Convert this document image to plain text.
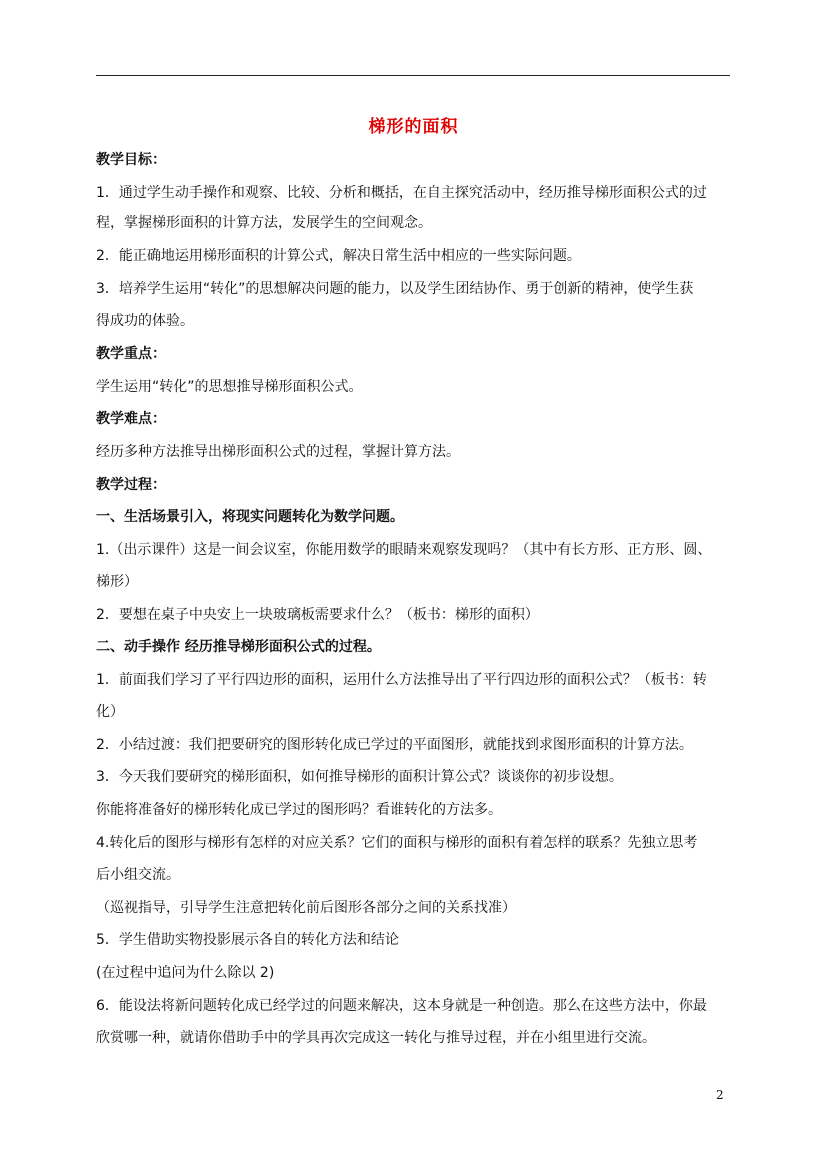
梯形的面积
教学目标：
1．通过学生动手操作和观察、比较、分析和概括，在自主探究活动中，经历推导梯形面积公式的过
程，掌握梯形面积的计算方法，发展学生的空间观念。
2．能正确地运用梯形面积的计算公式，解决日常生活中相应的一些实际问题。
3．培养学生运用“转化”的思想解决问题的能力，以及学生团结协作、勇于创新的精神，使学生获
得成功的体验。
教学重点：
学生运用“转化”的思想推导梯形面积公式。
教学难点：
经历多种方法推导出梯形面积公式的过程，掌握计算方法。
教学过程：
一、生活场景引入，将现实问题转化为数学问题。
1.（出示课件）这是一间会议室，你能用数学的眼睛来观察发现吗？（其中有长方形、正方形、圆、
梯形）
2．要想在桌子中央安上一块玻璃板需要求什么？（板书：梯形的面积）
二、动手操作 经历推导梯形面积公式的过程。
1．前面我们学习了平行四边形的面积，运用什么方法推导出了平行四边形的面积公式？（板书：转
化）
2．小结过渡：我们把要研究的图形转化成已学过的平面图形，就能找到求图形面积的计算方法。
3．今天我们要研究的梯形面积，如何推导梯形的面积计算公式？谈谈你的初步设想。
你能将准备好的梯形转化成已学过的图形吗？看谁转化的方法多。
4.转化后的图形与梯形有怎样的对应关系？它们的面积与梯形的面积有着怎样的联系？先独立思考
后小组交流。
（巡视指导，引导学生注意把转化前后图形各部分之间的关系找准）
5．学生借助实物投影展示各自的转化方法和结论
(在过程中追问为什么除以 2)
6．能设法将新问题转化成已经学过的问题来解决，这本身就是一种创造。那么在这些方法中，你最
欣赏哪一种，就请你借助手中的学具再次完成这一转化与推导过程，并在小组里进行交流。
2
